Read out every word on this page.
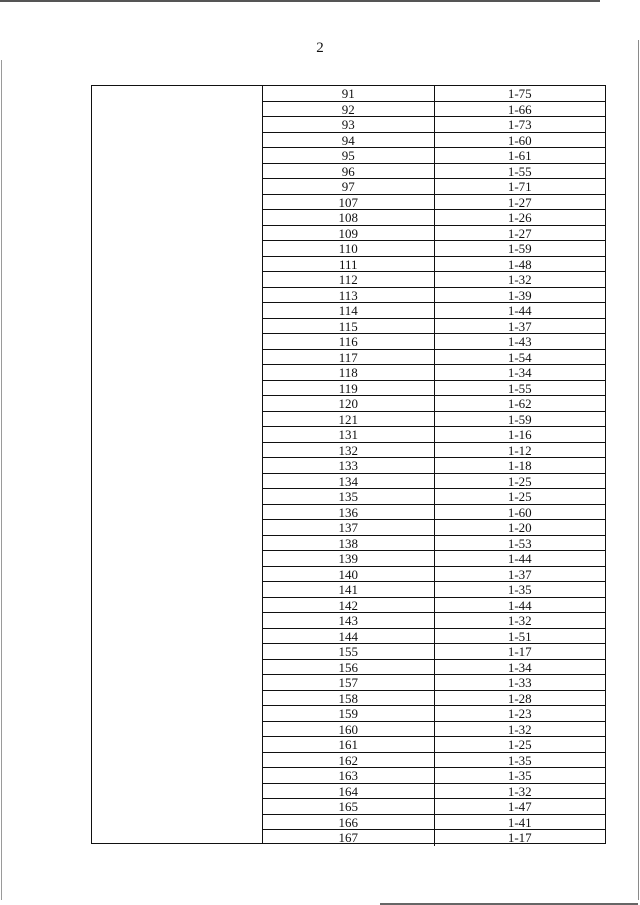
2
91	1-75
92	1-66
93	1-73
94	1-60
95	1-61
96	1-55
97	1-71
107	1-27
108	1-26
109	1-27
110	1-59
111	1-48
112	1-32
113	1-39
114	1-44
115	1-37
116	1-43
117	1-54
118	1-34
119	1-55
120	1-62
121	1-59
131	1-16
132	1-12
133	1-18
134	1-25
135	1-25
136	1-60
137	1-20
138	1-53
139	1-44
140	1-37
141	1-35
142	1-44
143	1-32
144	1-51
155	1-17
156	1-34
157	1-33
158	1-28
159	1-23
160	1-32
161	1-25
162	1-35
163	1-35
164	1-32
165	1-47
166	1-41
167	1-17
